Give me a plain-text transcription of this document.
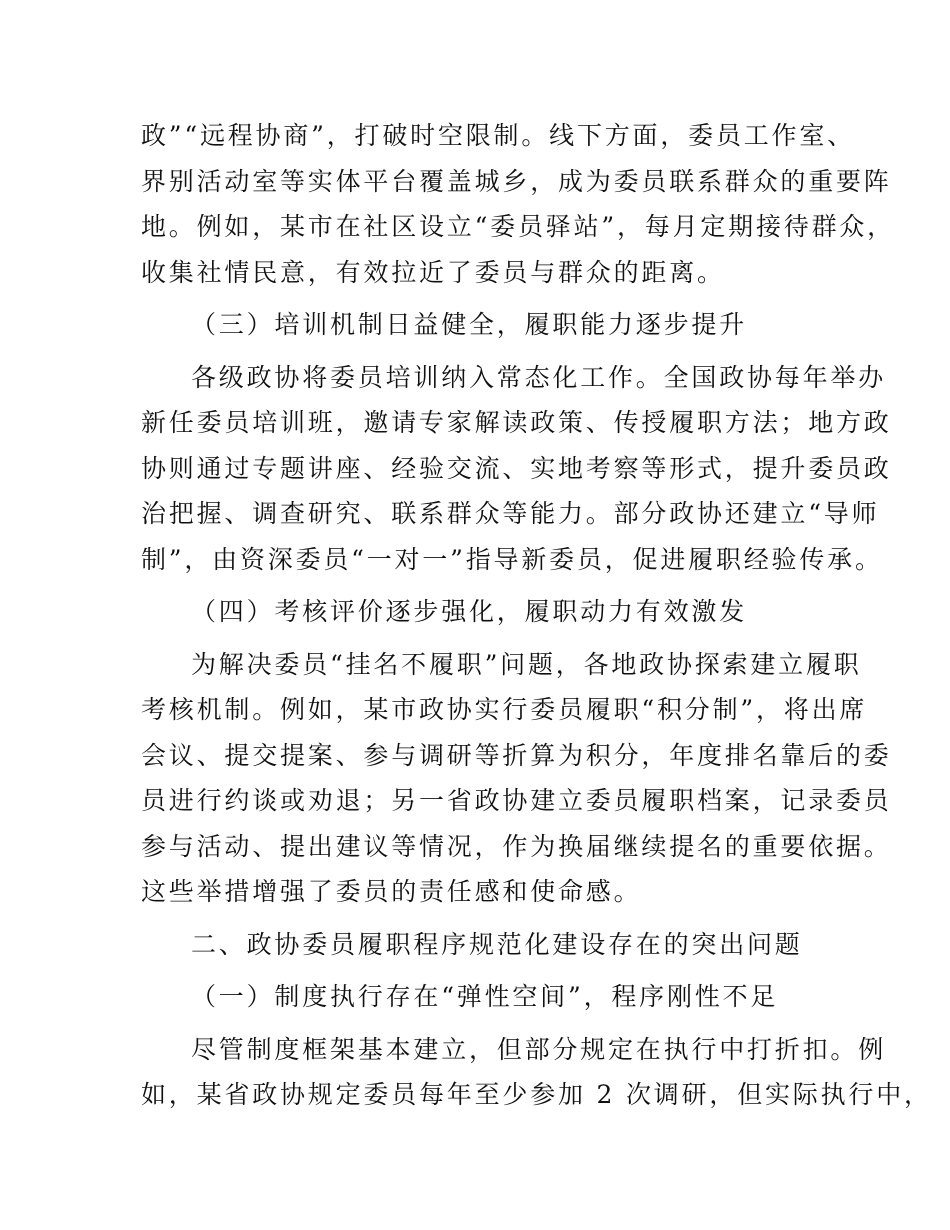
政”“远程协商”，打破时空限制。线下方面，委员工作室、
界别活动室等实体平台覆盖城乡，成为委员联系群众的重要阵
地。例如，某市在社区设立“委员驿站”，每月定期接待群众，
收集社情民意，有效拉近了委员与群众的距离。
（三）培训机制日益健全，履职能力逐步提升
各级政协将委员培训纳入常态化工作。全国政协每年举办
新任委员培训班，邀请专家解读政策、传授履职方法；地方政
协则通过专题讲座、经验交流、实地考察等形式，提升委员政
治把握、调查研究、联系群众等能力。部分政协还建立“导师
制”，由资深委员“一对一”指导新委员，促进履职经验传承。
（四）考核评价逐步强化，履职动力有效激发
为解决委员“挂名不履职”问题，各地政协探索建立履职
考核机制。例如，某市政协实行委员履职“积分制”，将出席
会议、提交提案、参与调研等折算为积分，年度排名靠后的委
员进行约谈或劝退；另一省政协建立委员履职档案，记录委员
参与活动、提出建议等情况，作为换届继续提名的重要依据。
这些举措增强了委员的责任感和使命感。
二、政协委员履职程序规范化建设存在的突出问题
（一）制度执行存在“弹性空间”，程序刚性不足
尽管制度框架基本建立，但部分规定在执行中打折扣。例
如，某省政协规定委员每年至少参加 2 次调研，但实际执行中，
